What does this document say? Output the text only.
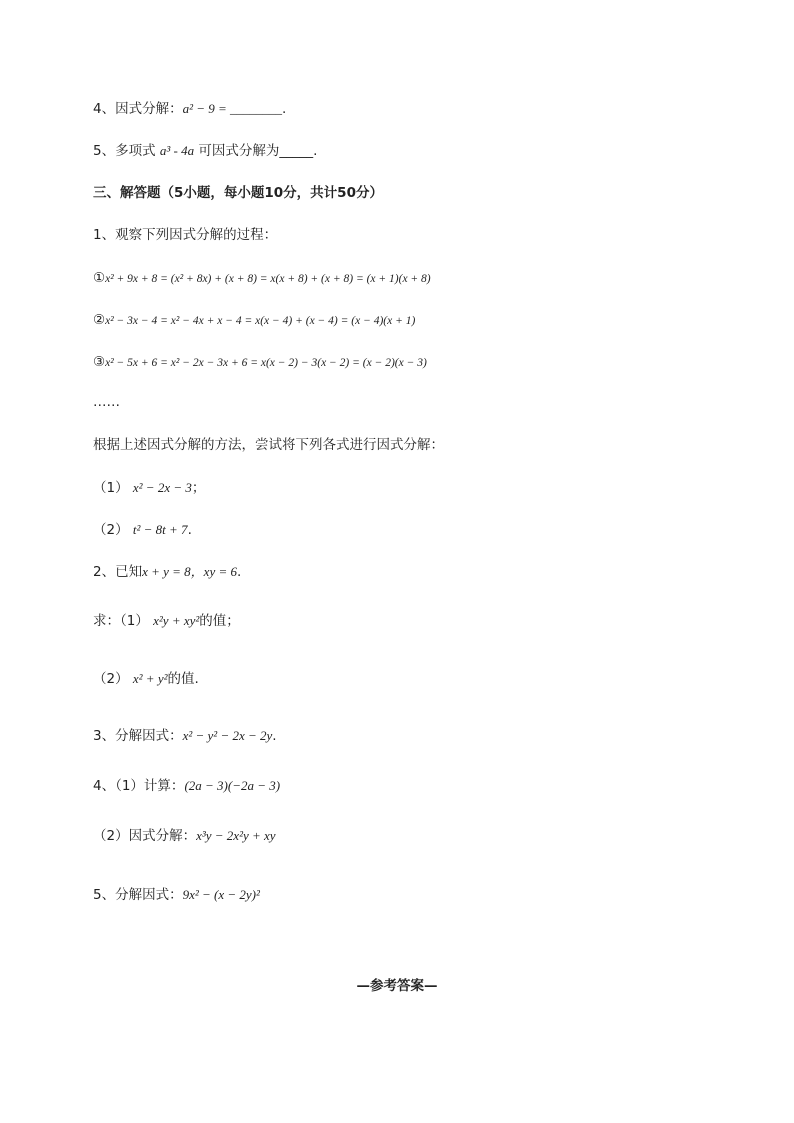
4、因式分解：a² − 9 = ________.
5、多项式 a³ - 4a 可因式分解为_____.
三、解答题（5小题，每小题10分，共计50分）
1、观察下列因式分解的过程：
①x² + 9x + 8 = (x² + 8x) + (x + 8) = x(x + 8) + (x + 8) = (x + 1)(x + 8)
②x² − 3x − 4 = x² − 4x + x − 4 = x(x − 4) + (x − 4) = (x − 4)(x + 1)
③x² − 5x + 6 = x² − 2x − 3x + 6 = x(x − 2) − 3(x − 2) = (x − 2)(x − 3)
……
根据上述因式分解的方法，尝试将下列各式进行因式分解：
（1） x² − 2x − 3；
（2） t² − 8t + 7.
2、已知x + y = 8，xy = 6.
求：（1） x²y + xy²的值；
（2） x² + y²的值.
3、分解因式：x² − y² − 2x − 2y.
4、（1）计算：(2a − 3)(−2a − 3)
（2）因式分解：x³y − 2x²y + xy
5、分解因式：9x² − (x − 2y)²
—参考答案—
